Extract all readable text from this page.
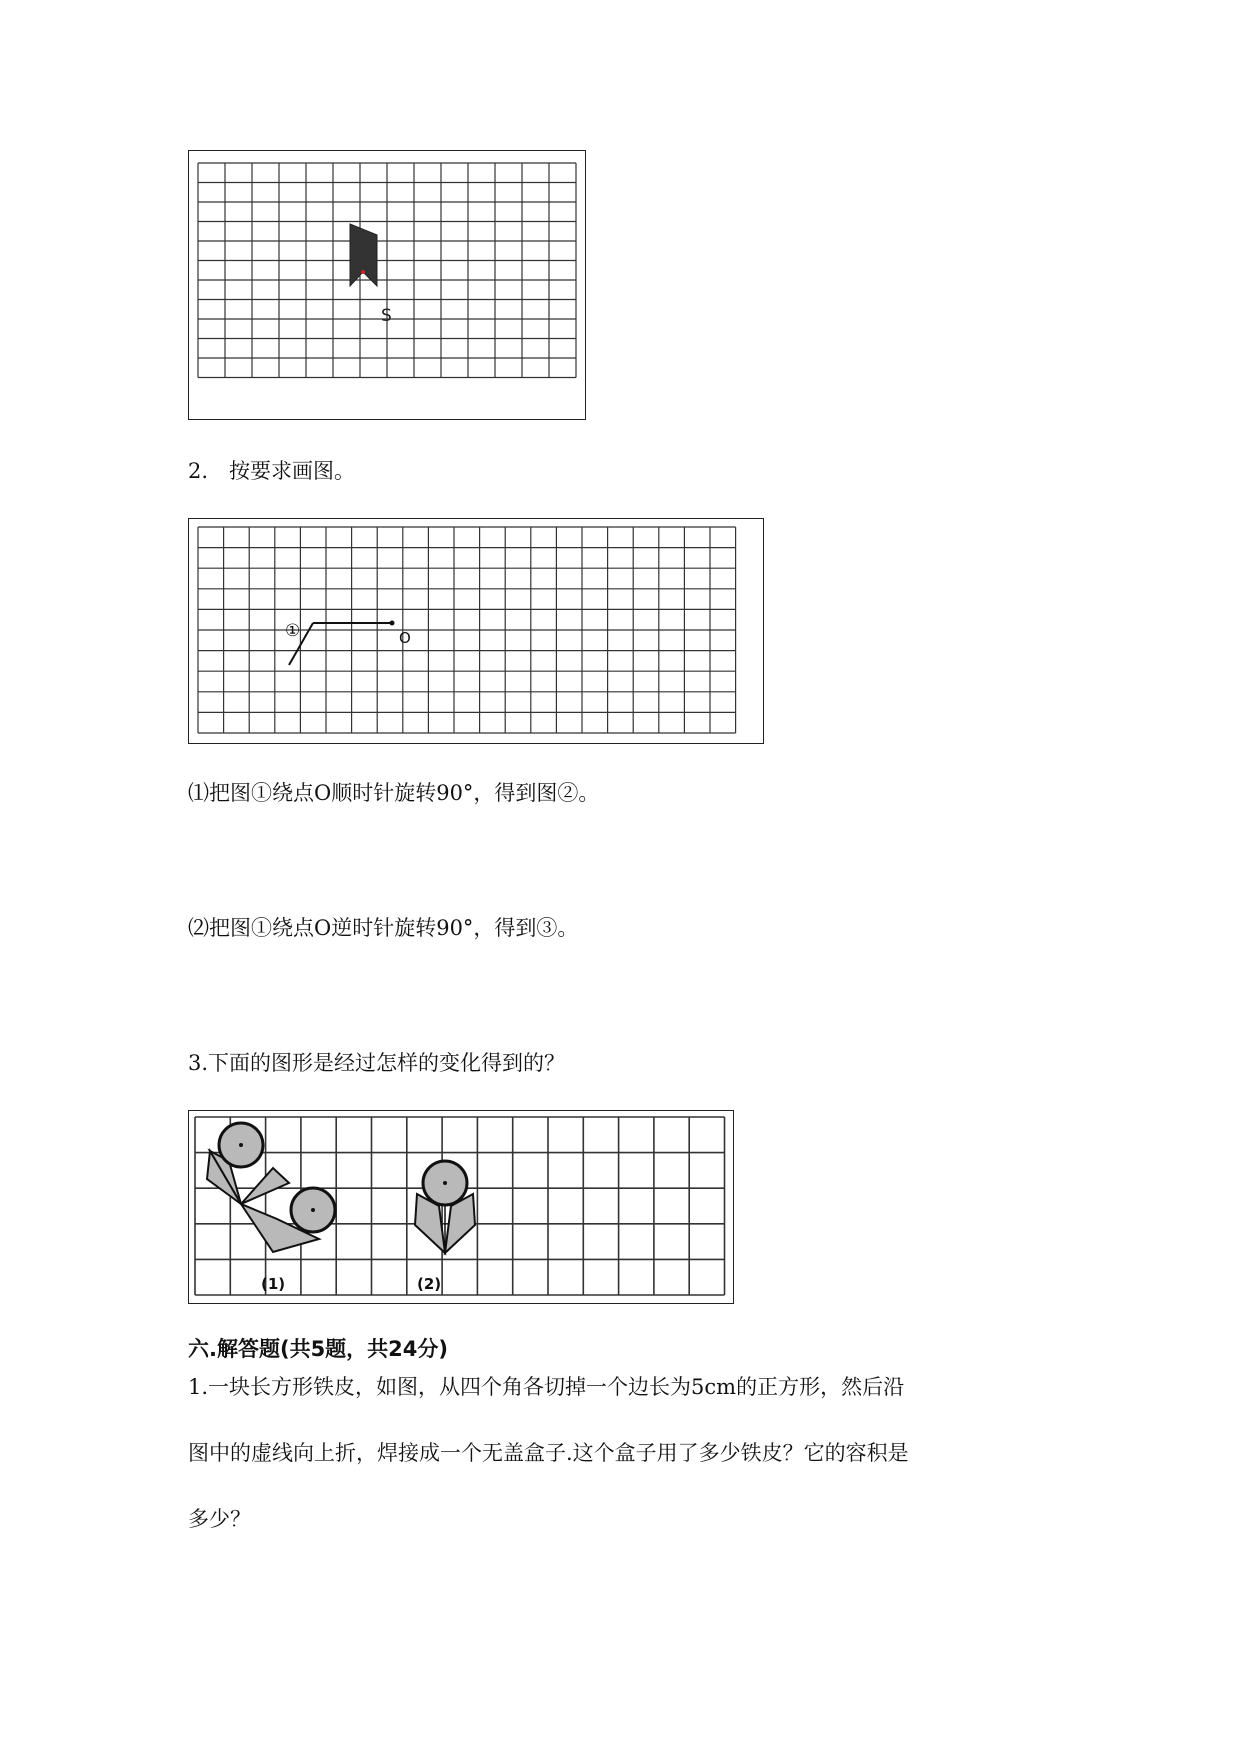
S
2.　按要求画图。
①	O
⑴把图①绕点O顺时针旋转90°，得到图②。
⑵把图①绕点O逆时针旋转90°，得到③。
3.下面的图形是经过怎样的变化得到的？
(1)	(2)
六.解答题(共5题，共24分)
1.一块长方形铁皮，如图，从四个角各切掉一个边长为5cm的正方形，然后沿
图中的虚线向上折，焊接成一个无盖盒子.这个盒子用了多少铁皮？它的容积是
多少？
